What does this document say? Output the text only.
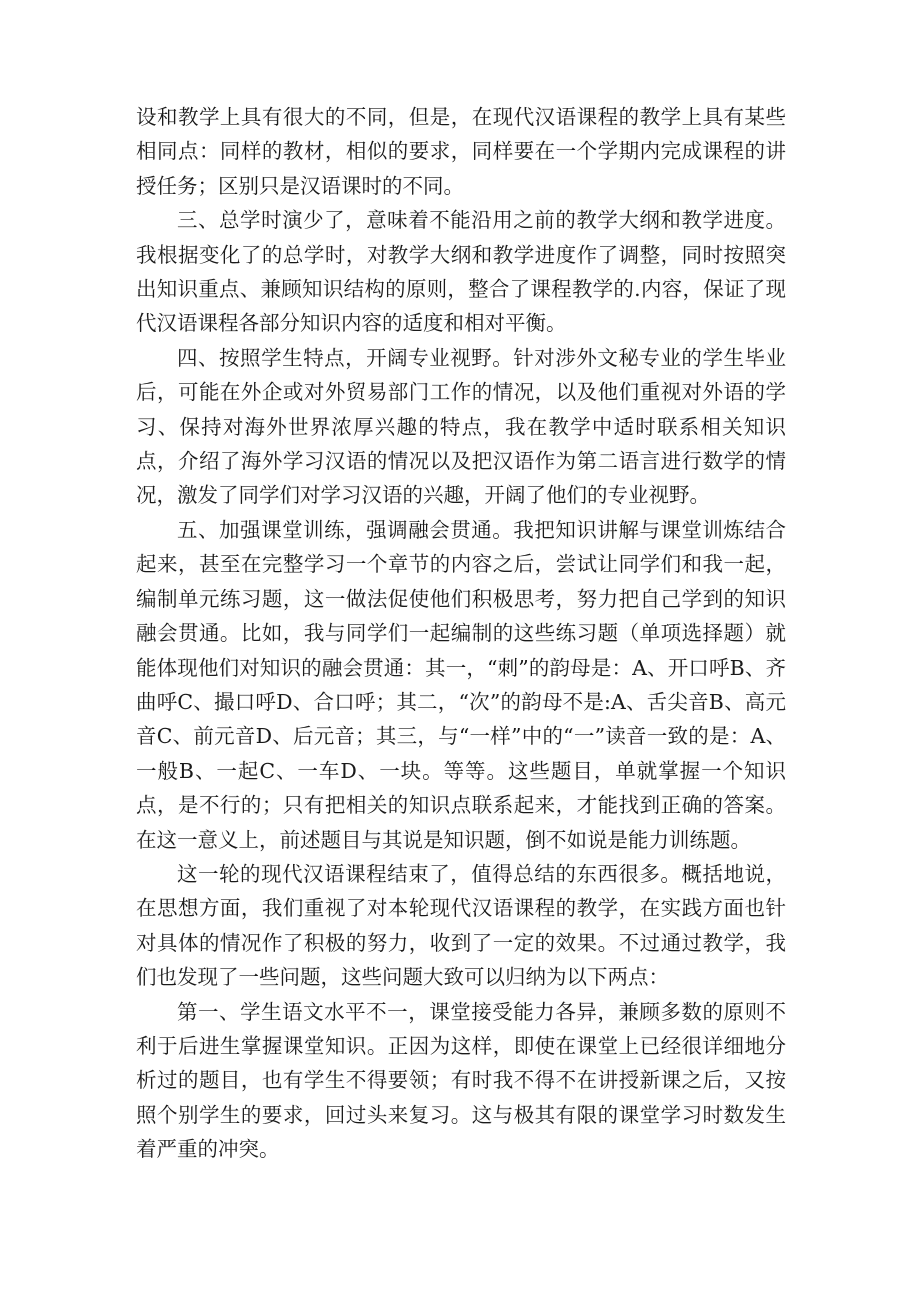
设和教学上具有很大的不同，但是，在现代汉语课程的教学上具有某些相同点：同样的教材，相似的要求，同样要在一个学期内完成课程的讲授任务；区别只是汉语课时的不同。

三、总学时演少了，意味着不能沿用之前的教学大纲和教学进度。我根据变化了的总学时，对教学大纲和教学进度作了调整，同时按照突出知识重点、兼顾知识结构的原则，整合了课程教学的.内容，保证了现代汉语课程各部分知识内容的适度和相对平衡。

四、按照学生特点，开阔专业视野。针对涉外文秘专业的学生毕业后，可能在外企或对外贸易部门工作的情况，以及他们重视对外语的学习、保持对海外世界浓厚兴趣的特点，我在教学中适时联系相关知识点，介绍了海外学习汉语的情况以及把汉语作为第二语言进行数学的情况，激发了同学们对学习汉语的兴趣，开阔了他们的专业视野。

五、加强课堂训练，强调融会贯通。我把知识讲解与课堂训炼结合起来，甚至在完整学习一个章节的内容之后，尝试让同学们和我一起，编制单元练习题，这一做法促使他们积极思考，努力把自己学到的知识融会贯通。比如，我与同学们一起编制的这些练习题（单项选择题）就能体现他们对知识的融会贯通：其一，“刺”的韵母是：A、开口呼B、齐曲呼C、撮口呼D、合口呼；其二，“次”的韵母不是:A、舌尖音B、高元音C、前元音D、后元音；其三，与“一样”中的“一”读音一致的是：A、一般B、一起C、一车D、一块。等等。这些题目，单就掌握一个知识点，是不行的；只有把相关的知识点联系起来，才能找到正确的答案。在这一意义上，前述题目与其说是知识题，倒不如说是能力训练题。

这一轮的现代汉语课程结束了，值得总结的东西很多。概括地说，在思想方面，我们重视了对本轮现代汉语课程的教学，在实践方面也针对具体的情况作了积极的努力，收到了一定的效果。不过通过教学，我们也发现了一些问题，这些问题大致可以归纳为以下两点：

第一、学生语文水平不一，课堂接受能力各异，兼顾多数的原则不利于后进生掌握课堂知识。正因为这样，即使在课堂上已经很详细地分析过的题目，也有学生不得要领；有时我不得不在讲授新课之后，又按照个别学生的要求，回过头来复习。这与极其有限的课堂学习时数发生着严重的冲突。
